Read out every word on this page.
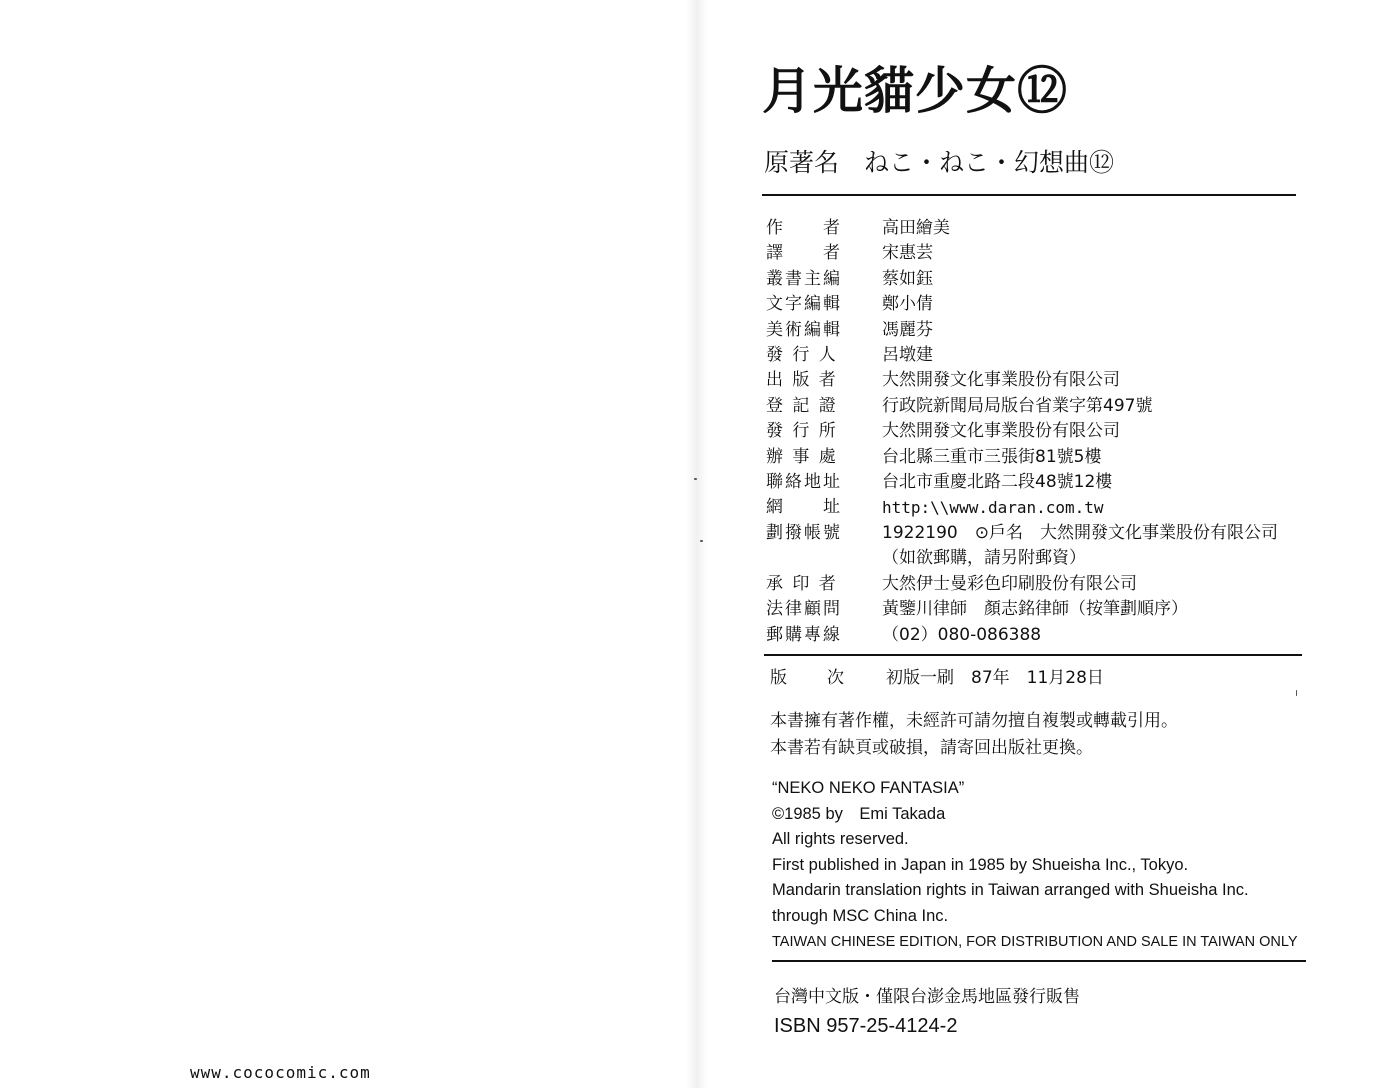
月光貓少女⑫
原著名　ねこ・ねこ・幻想曲⑫
作　　者	高田繪美
譯　　者	宋惠芸
叢書主編	蔡如鈺
文字編輯	鄭小倩
美術編輯	馮麗芬
發 行 人	呂墩建
出 版 者	大然開發文化事業股份有限公司
登 記 證	行政院新聞局局版台省業字第497號
發 行 所	大然開發文化事業股份有限公司
辦 事 處	台北縣三重市三張街81號5樓
聯絡地址	台北市重慶北路二段48號12樓
網　　址	http:\\www.daran.com.tw
劃撥帳號	1922190　⊙戶名　大然開發文化事業股份有限公司
（如欲郵購，請另附郵資）
承 印 者	大然伊士曼彩色印刷股份有限公司
法律顧問	黃鑒川律師　顏志銘律師（按筆劃順序）
郵購專線	（02）080-086388
版　　次	初版一刷　87年　11月28日
本書擁有著作權，未經許可請勿擅自複製或轉載引用。
本書若有缺頁或破損，請寄回出版社更換。
“NEKO NEKO FANTASIA”
©1985 by　Emi Takada
All rights reserved.
First published in Japan in 1985 by Shueisha Inc., Tokyo.
Mandarin translation rights in Taiwan arranged with Shueisha Inc.
through MSC China Inc.
TAIWAN CHINESE EDITION, FOR DISTRIBUTION AND SALE IN TAIWAN ONLY
台灣中文版・僅限台澎金馬地區發行販售
ISBN 957-25-4124-2
www.cococomic.com
